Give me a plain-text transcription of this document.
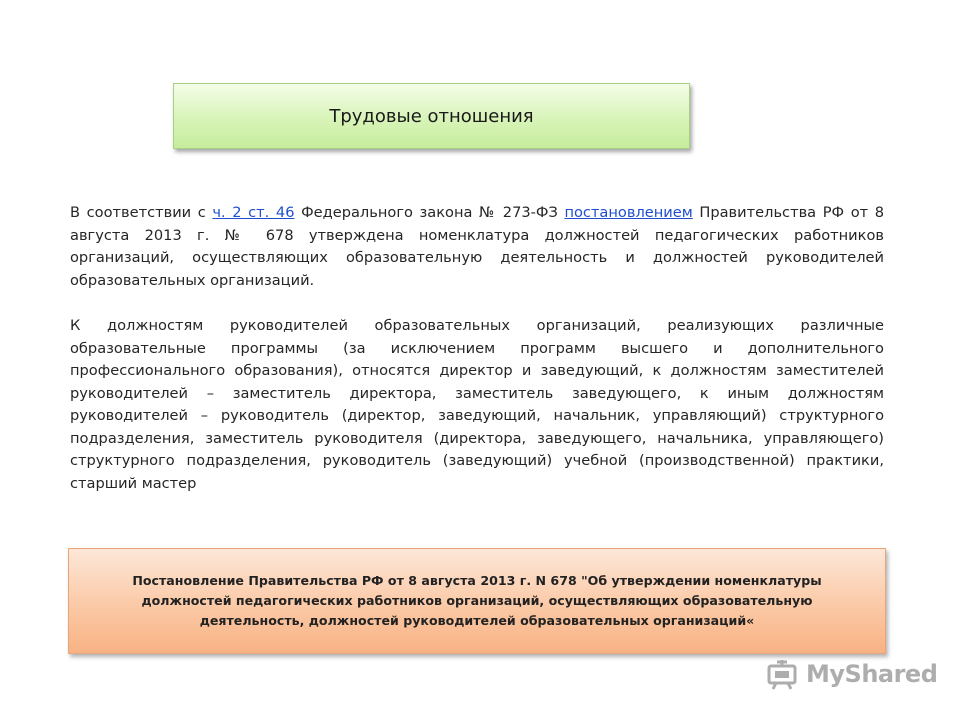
Трудовые отношения

В соответствии с ч. 2 ст. 46 Федерального закона № 273-ФЗ постановлением Правительства РФ от 8 августа 2013 г. № 678 утверждена номенклатура должностей педагогических работников организаций, осуществляющих образовательную деятельность и должностей руководителей образовательных организаций.

К должностям руководителей образовательных организаций, реализующих различные образовательные программы (за исключением программ высшего и дополнительного профессионального образования), относятся директор и заведующий, к должностям заместителей руководителей – заместитель директора, заместитель заведующего, к иным должностям руководителей – руководитель (директор, заведующий, начальник, управляющий) структурного подразделения, заместитель руководителя (директора, заведующего, начальника, управляющего) структурного подразделения, руководитель (заведующий) учебной (производственной) практики, старший мастер

Постановление Правительства РФ от 8 августа 2013 г. N 678 "Об утверждении номенклатуры должностей педагогических работников организаций, осуществляющих образовательную деятельность, должностей руководителей образовательных организаций«
MyShared
